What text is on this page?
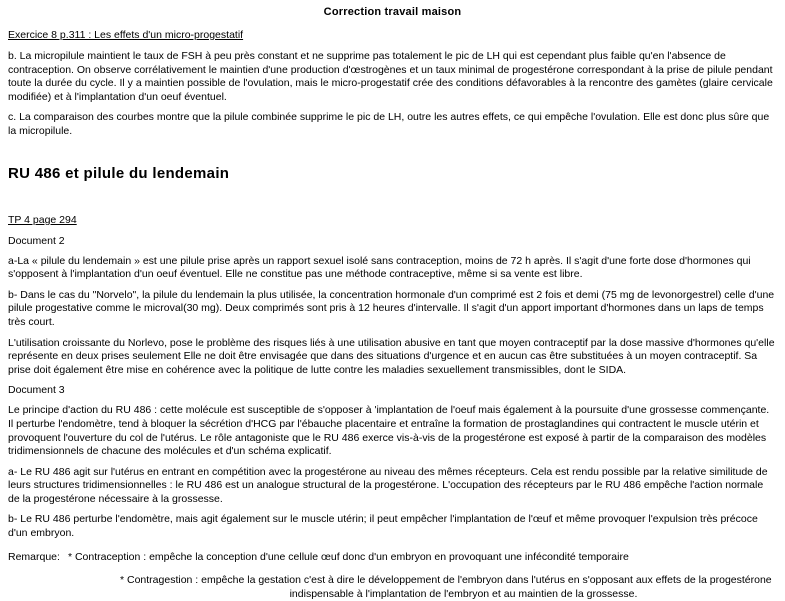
Correction travail maison
Exercice 8 p.311 : Les effets d'un micro-progestatif
b. La micropilule maintient le taux de FSH à peu près constant et ne supprime pas totalement le pic de LH qui est cependant plus faible qu'en l'absence de contraception. On observe corrélativement le maintien d'une production d'œstrogènes et un taux minimal de progestérone correspondant à la prise de pilule pendant toute la durée du cycle. Il y a maintien possible de l'ovulation, mais le micro-progestatif crée des conditions défavorables à la rencontre des gamètes (glaire cervicale modifiée) et à l'implantation d'un oeuf éventuel.
c. La comparaison des courbes montre que la pilule combinée supprime le pic de LH, outre les autres effets, ce qui empêche l'ovulation. Elle est donc plus sûre que la micropilule.
RU 486 et pilule du lendemain
TP 4 page 294
Document 2
a-La « pilule du lendemain » est une pilule prise après un rapport sexuel isolé sans contraception, moins de 72 h après. Il s'agit d'une forte dose d'hormones qui s'opposent à l'implantation d'un oeuf éventuel. Elle ne constitue pas une méthode contraceptive, même si sa vente est libre.
b- Dans le cas du "Norvelo", la pilule du lendemain la plus utilisée, la concentration hormonale d'un comprimé est 2 fois et demi (75 mg de levonorgestrel) celle d'une pilule progestative comme le microval(30 mg). Deux comprimés sont pris à 12 heures d'intervalle. Il s'agit d'un apport important d'hormones dans un laps de temps très court.
L'utilisation croissante du Norlevo, pose le problème des risques liés à une utilisation abusive en tant que moyen contraceptif par la dose massive d'hormones qu'elle représente en deux prises seulement Elle ne doit être envisagée que dans des situations d'urgence et en aucun cas être substituées à un moyen contraceptif. Sa prise doit également être mise en cohérence avec la politique de lutte contre les maladies sexuellement transmissibles, dont le SIDA.
Document 3
Le principe d'action du RU 486 : cette molécule est susceptible de s'opposer à 'implantation de l'oeuf mais également à la poursuite d'une grossesse commençante. Il perturbe l'endomètre, tend à bloquer la sécrétion d'HCG par l'ébauche placentaire et entraîne la formation de prostaglandines qui contractent le muscle utérin et provoquent l'ouverture du col de l'utérus. Le rôle antagoniste que le RU 486 exerce vis-à-vis de la progestérone est exposé à partir de la comparaison des modèles tridimensionnels de chacune des molécules et d'un schéma explicatif.
a- Le RU 486 agit sur l'utérus en entrant en compétition avec la progestérone au niveau des mêmes récepteurs. Cela est rendu possible par la relative similitude de leurs structures tridimensionnelles : le RU 486 est un analogue structural de la progestérone. L'occupation des récepteurs par le RU 486 empêche l'action normale de la progestérone nécessaire à la grossesse.
b- Le RU 486 perturbe l'endomètre, mais agit également sur le muscle utérin; il peut empêcher l'implantation de l'œuf et même provoquer l'expulsion très précoce d'un embryon.
Remarque: * Contraception : empêche la conception d'une cellule œuf donc d'un embryon en provoquant une infécondité temporaire
* Contragestion : empêche la gestation c'est à dire le développement de l'embryon dans l'utérus en s'opposant aux effets de la progestérone
indispensable à l'implantation de l'embryon et au maintien de la grossesse.
